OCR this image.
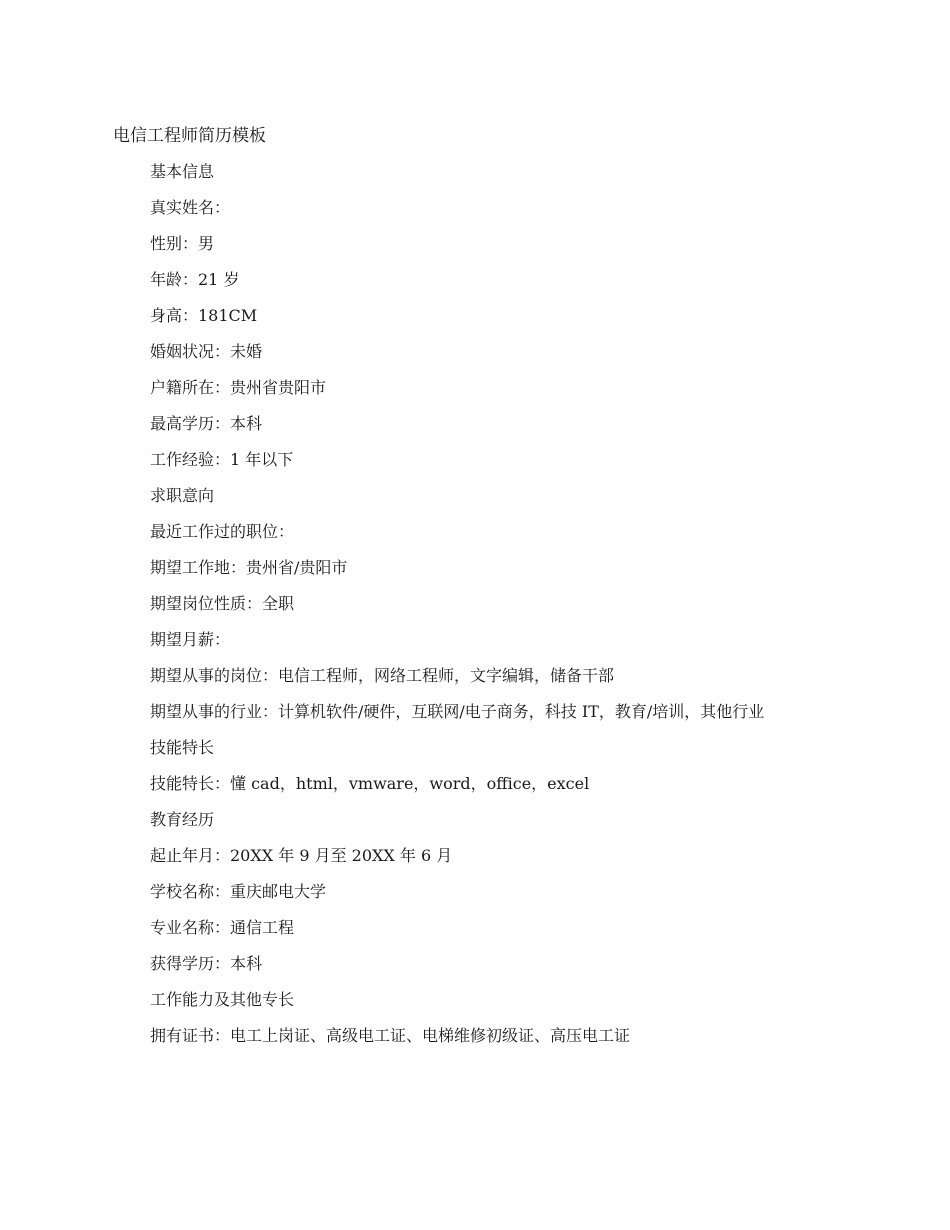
电信工程师简历模板

基本信息

真实姓名：

性别：男

年龄：21 岁

身高：181CM

婚姻状况：未婚

户籍所在：贵州省贵阳市

最高学历：本科

工作经验：1 年以下

求职意向

最近工作过的职位：

期望工作地：贵州省/贵阳市

期望岗位性质：全职

期望月薪：

期望从事的岗位：电信工程师，网络工程师，文字编辑，储备干部

期望从事的行业：计算机软件/硬件，互联网/电子商务，科技 IT，教育/培训，其他行业

技能特长

技能特长：懂 cad，html，vmware，word，office，excel

教育经历

起止年月：20XX 年 9 月至 20XX 年 6 月

学校名称：重庆邮电大学

专业名称：通信工程

获得学历：本科

工作能力及其他专长

拥有证书：电工上岗证、高级电工证、电梯维修初级证、高压电工证
